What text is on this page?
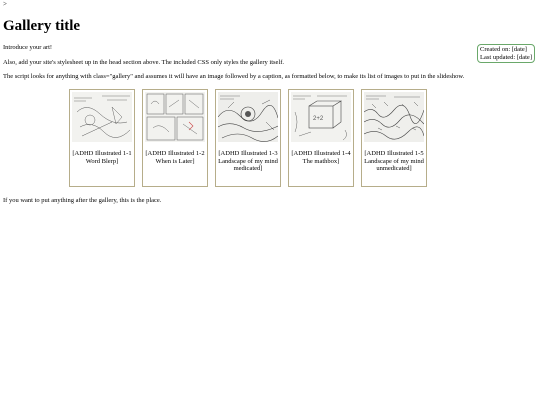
>
Gallery title
Created on: [date]
Last updated: [date]

Introduce your art!

Also, add your site's stylesheet up in the head section above. The included CSS only styles the gallery itself.

The script looks for anything with class="gallery" and assumes it will have an image followed by a caption, as formatted below, to make its list of images to put in the slideshow.

[ADHD Illustrated 1-1 Word Blerp]
[ADHD Illustrated 1-2 When is Later]
[ADHD Illustrated 1-3 Landscape of my mind medicated]
2+2
[ADHD Illustrated 1-4 The mathbox]
[ADHD Illustrated 1-5 Landscape of my mind unmedicated]

If you want to put anything after the gallery, this is the place.
